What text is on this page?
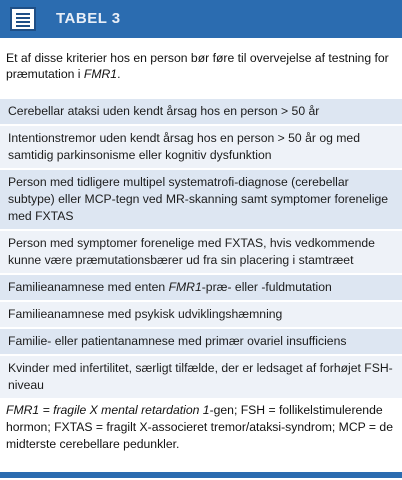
TABEL 3
Et af disse kriterier hos en person bør føre til overvejelse af testning for præmutation i FMR1.
Cerebellar ataksi uden kendt årsag hos en person > 50 år
Intentionstremor uden kendt årsag hos en person > 50 år og med samtidig parkinsonisme eller kognitiv dysfunktion
Person med tidligere multipel systematrofi-diagnose (cerebellar subtype) eller MCP-tegn ved MR-skanning samt symptomer forenelige med FXTAS
Person med symptomer forenelige med FXTAS, hvis vedkommende kunne være præmutationsbærer ud fra sin placering i stamtræet
Familieanamnese med enten FMR1-præ- eller -fuldmutation
Familieanamnese med psykisk udviklingshæmning
Familie- eller patientanamnese med primær ovariel insufficiens
Kvinder med infertilitet, særligt tilfælde, der er ledsaget af forhøjet FSH-niveau
FMR1 = fragile X mental retardation 1-gen; FSH = follikelstimulerende hormon; FXTAS = fragilt X-associeret tremor/ataksi-syndrom; MCP = de midterste cerebellare pedunkler.
